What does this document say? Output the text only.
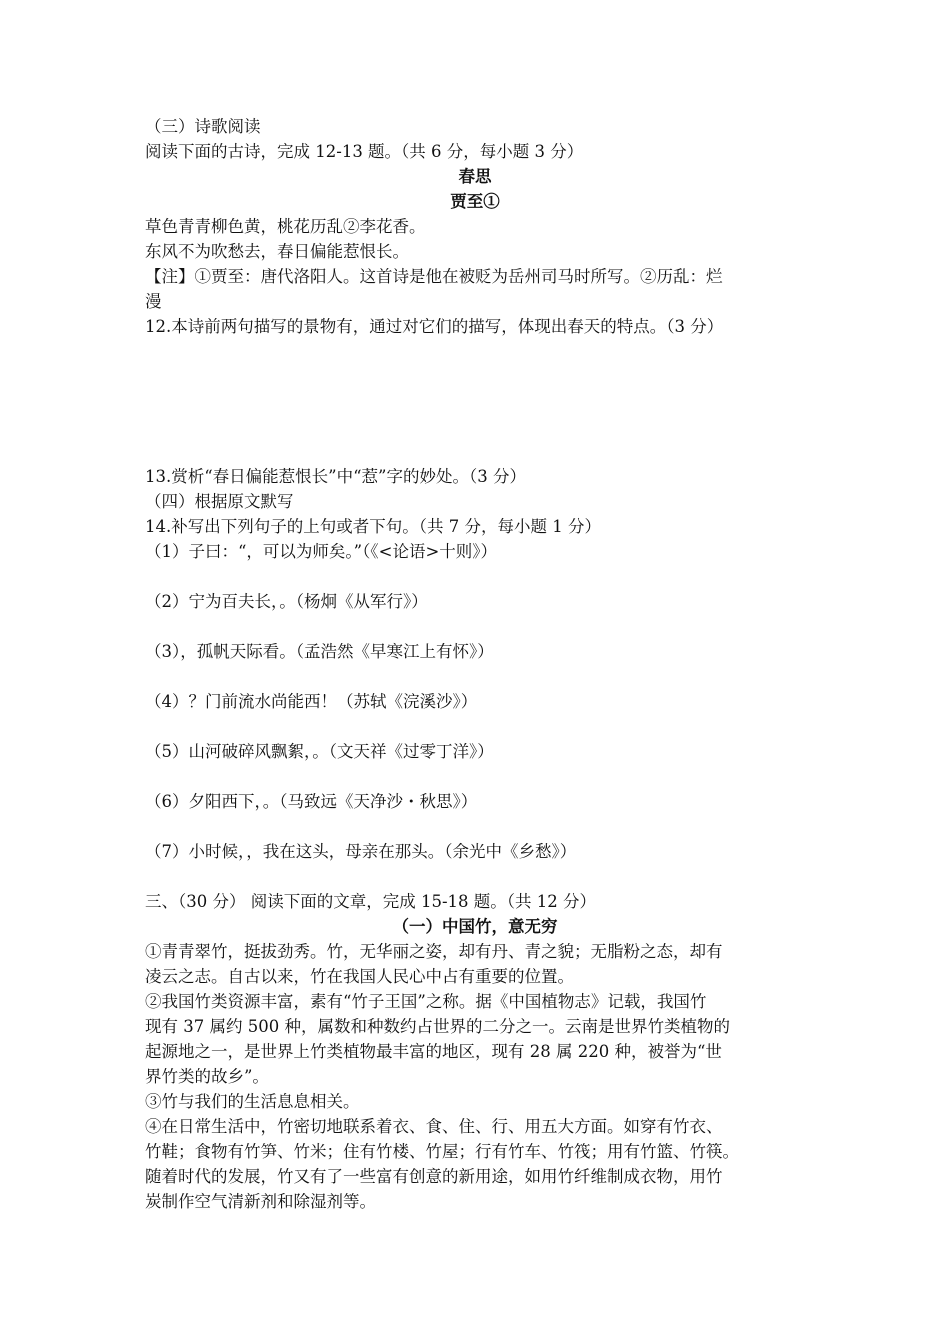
（三）诗歌阅读
阅读下面的古诗，完成 12-13 题。（共 6 分，每小题 3 分）
春思
贾至①
草色青青柳色黄，桃花历乱②李花香。
东风不为吹愁去，春日偏能惹恨长。
【注】①贾至：唐代洛阳人。这首诗是他在被贬为岳州司马时所写。②历乱：烂
漫
12.本诗前两句描写的景物有，通过对它们的描写，体现出春天的特点。（3 分）
13.赏析“春日偏能惹恨长”中“惹”字的妙处。（3 分）
（四）根据原文默写
14.补写出下列句子的上句或者下句。（共 7 分，每小题 1 分）
（1）子曰：“，可以为师矣。”（《<论语>十则》）
（2）宁为百夫长，。（杨炯《从军行》）
（3），孤帆天际看。（孟浩然《早寒江上有怀》）
（4）？门前流水尚能西！（苏轼《浣溪沙》）
（5）山河破碎风飘絮，。（文天祥《过零丁洋》）
（6）夕阳西下，。（马致远《天净沙・秋思》）
（7）小时候，，我在这头，母亲在那头。（余光中《乡愁》）
三、（30 分） 阅读下面的文章，完成 15-18 题。（共 12 分）
（一）中国竹，意无穷
①青青翠竹，挺拔劲秀。竹，无华丽之姿，却有丹、青之貌；无脂粉之态，却有
凌云之志。自古以来，竹在我国人民心中占有重要的位置。
②我国竹类资源丰富，素有“竹子王国”之称。据《中国植物志》记载，我国竹
现有 37 属约 500 种，属数和种数约占世界的二分之一。云南是世界竹类植物的
起源地之一，是世界上竹类植物最丰富的地区，现有 28 属 220 种，被誉为“世
界竹类的故乡”。
③竹与我们的生活息息相关。
④在日常生活中，竹密切地联系着衣、食、住、行、用五大方面。如穿有竹衣、
竹鞋；食物有竹笋、竹米；住有竹楼、竹屋；行有竹车、竹筏；用有竹篮、竹筷。
随着时代的发展，竹又有了一些富有创意的新用途，如用竹纤维制成衣物，用竹
炭制作空气清新剂和除湿剂等。
